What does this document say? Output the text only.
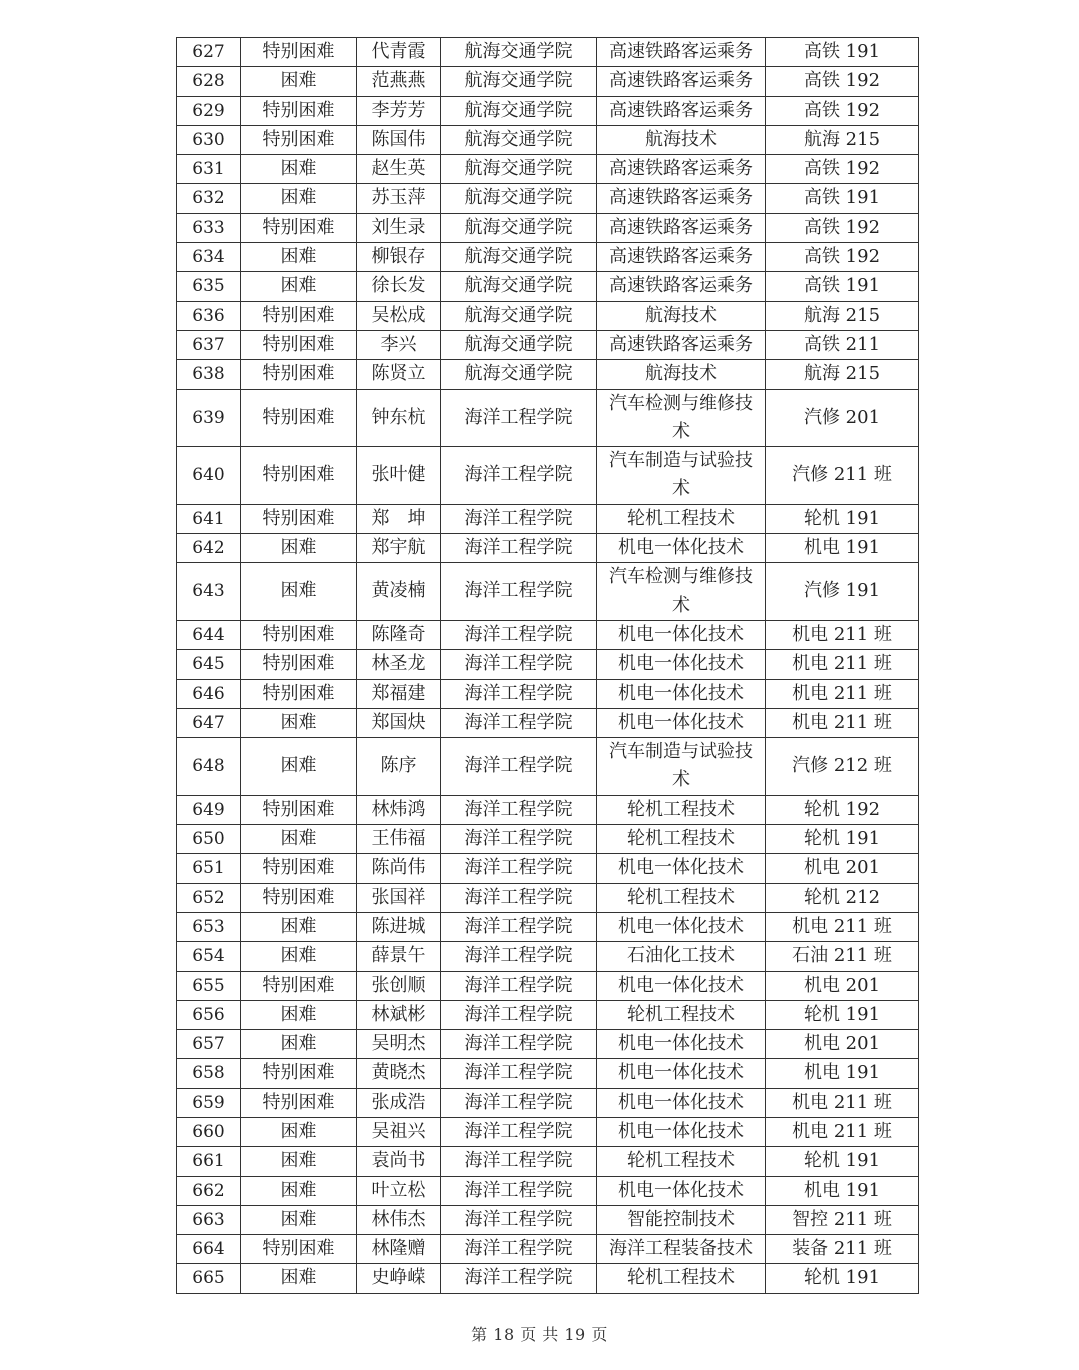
627	特别困难	代青霞	航海交通学院	高速铁路客运乘务	高铁 191
628	困难	范燕燕	航海交通学院	高速铁路客运乘务	高铁 192
629	特别困难	李芳芳	航海交通学院	高速铁路客运乘务	高铁 192
630	特别困难	陈国伟	航海交通学院	航海技术	航海 215
631	困难	赵生英	航海交通学院	高速铁路客运乘务	高铁 192
632	困难	苏玉萍	航海交通学院	高速铁路客运乘务	高铁 191
633	特别困难	刘生录	航海交通学院	高速铁路客运乘务	高铁 192
634	困难	柳银存	航海交通学院	高速铁路客运乘务	高铁 192
635	困难	徐长发	航海交通学院	高速铁路客运乘务	高铁 191
636	特别困难	吴松成	航海交通学院	航海技术	航海 215
637	特别困难	李兴	航海交通学院	高速铁路客运乘务	高铁 211
638	特别困难	陈贤立	航海交通学院	航海技术	航海 215
639	特别困难	钟东杭	海洋工程学院	汽车检测与维修技术	汽修 201
640	特别困难	张叶健	海洋工程学院	汽车制造与试验技术	汽修 211 班
641	特别困难	郑　坤	海洋工程学院	轮机工程技术	轮机 191
642	困难	郑宇航	海洋工程学院	机电一体化技术	机电 191
643	困难	黄凌楠	海洋工程学院	汽车检测与维修技术	汽修 191
644	特别困难	陈隆奇	海洋工程学院	机电一体化技术	机电 211 班
645	特别困难	林圣龙	海洋工程学院	机电一体化技术	机电 211 班
646	特别困难	郑福建	海洋工程学院	机电一体化技术	机电 211 班
647	困难	郑国炔	海洋工程学院	机电一体化技术	机电 211 班
648	困难	陈序	海洋工程学院	汽车制造与试验技术	汽修 212 班
649	特别困难	林炜鸿	海洋工程学院	轮机工程技术	轮机 192
650	困难	王伟福	海洋工程学院	轮机工程技术	轮机 191
651	特别困难	陈尚伟	海洋工程学院	机电一体化技术	机电 201
652	特别困难	张国祥	海洋工程学院	轮机工程技术	轮机 212
653	困难	陈进城	海洋工程学院	机电一体化技术	机电 211 班
654	困难	薛景午	海洋工程学院	石油化工技术	石油 211 班
655	特别困难	张创顺	海洋工程学院	机电一体化技术	机电 201
656	困难	林斌彬	海洋工程学院	轮机工程技术	轮机 191
657	困难	吴明杰	海洋工程学院	机电一体化技术	机电 201
658	特别困难	黄晓杰	海洋工程学院	机电一体化技术	机电 191
659	特别困难	张成浩	海洋工程学院	机电一体化技术	机电 211 班
660	困难	吴祖兴	海洋工程学院	机电一体化技术	机电 211 班
661	困难	袁尚书	海洋工程学院	轮机工程技术	轮机 191
662	困难	叶立松	海洋工程学院	机电一体化技术	机电 191
663	困难	林伟杰	海洋工程学院	智能控制技术	智控 211 班
664	特别困难	林隆赠	海洋工程学院	海洋工程装备技术	装备 211 班
665	困难	史峥嵘	海洋工程学院	轮机工程技术	轮机 191
第 18 页 共 19 页
